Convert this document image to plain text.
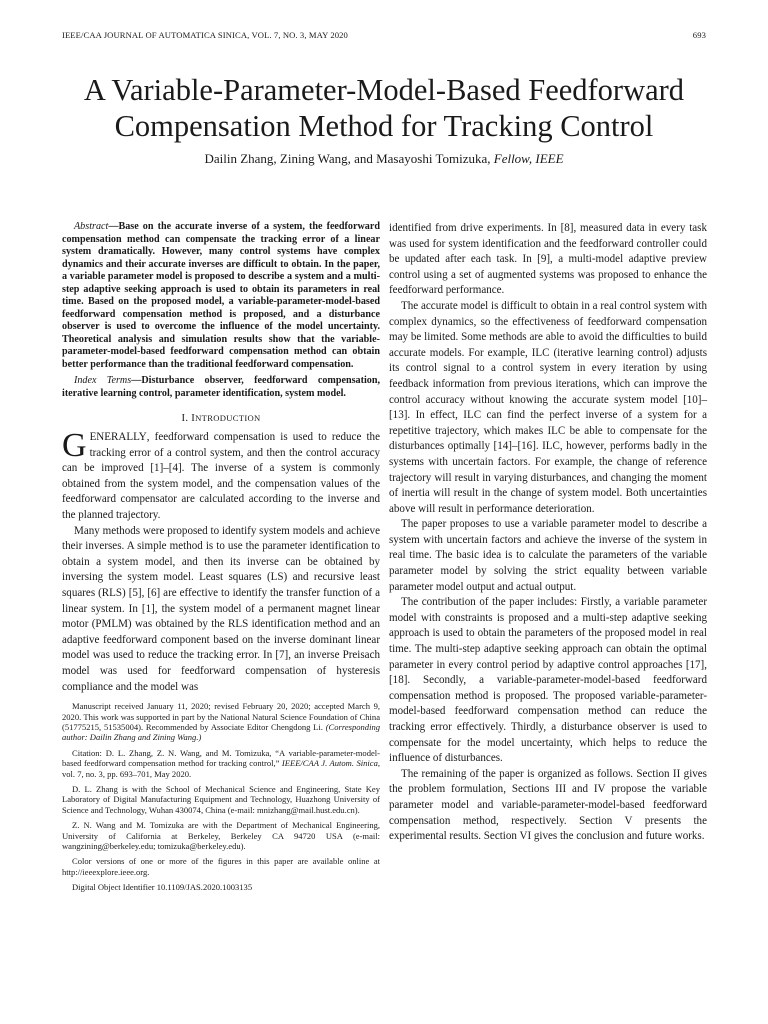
IEEE/CAA JOURNAL OF AUTOMATICA SINICA, VOL. 7, NO. 3, MAY 2020	693
A Variable-Parameter-Model-Based Feedforward
Compensation Method for Tracking Control

Dailin Zhang, Zining Wang, and Masayoshi Tomizuka, Fellow, IEEE

Abstract—Base on the accurate inverse of a system, the feedforward compensation method can compensate the tracking error of a linear system dramatically. However, many control systems have complex dynamics and their accurate inverses are difficult to obtain. In the paper, a variable parameter model is proposed to describe a system and a multi-step adaptive seeking approach is used to obtain its parameters in real time. Based on the proposed model, a variable-parameter-model-based feedforward compensation method is proposed, and a disturbance observer is used to overcome the influence of the model uncertainty. Theoretical analysis and simulation results show that the variable-parameter-model-based feedforward compensation method can obtain better performance than the traditional feedforward compensation.

Index Terms—Disturbance observer, feedforward compensation, iterative learning control, parameter identification, system model.

I. INTRODUCTION

GENERALLY, feedforward compensation is used to reduce the tracking error of a control system, and then the control accuracy can be improved [1]–[4]. The inverse of a system is commonly obtained from the system model, and the compensation values of the feedforward compensator are calculated according to the inverse and the planned trajectory.

Many methods were proposed to identify system models and achieve their inverses. A simple method is to use the parameter identification to obtain a system model, and then its inverse can be obtained by inversing the system model. Least squares (LS) and recursive least squares (RLS) [5], [6] are effective to identify the transfer function of a linear system. In [1], the system model of a permanent magnet linear motor (PMLM) was obtained by the RLS identification method and an adaptive feedforward component based on the inverse dominant linear model was used to reduce the tracking error. In [7], an inverse Preisach model was used for feedforward compensation of hysteresis compliance and the model was

Manuscript received January 11, 2020; revised February 20, 2020; accepted March 9, 2020. This work was supported in part by the National Natural Science Foundation of China (51775215, 51535004). Recommended by Associate Editor Chengdong Li. (Corresponding author: Dailin Zhang and Zining Wang.)

Citation: D. L. Zhang, Z. N. Wang, and M. Tomizuka, “A variable-parameter-model-based feedforward compensation method for tracking control,” IEEE/CAA J. Autom. Sinica, vol. 7, no. 3, pp. 693–701, May 2020.

D. L. Zhang is with the School of Mechanical Science and Engineering, State Key Laboratory of Digital Manufacturing Equipment and Technology, Huazhong University of Science and Technology, Wuhan 430074, China (e-mail: mnizhang@mail.hust.edu.cn).

Z. N. Wang and M. Tomizuka are with the Department of Mechanical Engineering, University of California at Berkeley, Berkeley CA 94720 USA (e-mail: wangzining@berkeley.edu; tomizuka@berkeley.edu).

Color versions of one or more of the figures in this paper are available online at http://ieeexplore.ieee.org.

Digital Object Identifier 10.1109/JAS.2020.1003135

identified from drive experiments. In [8], measured data in every task was used for system identification and the feedforward controller could be updated after each task. In [9], a multi-model adaptive preview control using a set of augmented systems was proposed to enhance the feedforward performance.

The accurate model is difficult to obtain in a real control system with complex dynamics, so the effectiveness of feedforward compensation may be limited. Some methods are able to avoid the difficulties to build accurate models. For example, ILC (iterative learning control) adjusts its control signal to a control system in every iteration by using feedback information from previous iterations, which can improve the control accuracy without knowing the accurate system model [10]–[13]. In effect, ILC can find the perfect inverse of a system for a repetitive trajectory, which makes ILC be able to compensate for the disturbances optimally [14]–[16]. ILC, however, performs badly in the systems with uncertain factors. For example, the change of reference trajectory will result in varying disturbances, and changing the moment of inertia will result in the change of system model. Both uncertainties above will result in performance deterioration.

The paper proposes to use a variable parameter model to describe a system with uncertain factors and achieve the inverse of the system in real time. The basic idea is to calculate the parameters of the variable parameter model by solving the strict equality between variable parameter model output and actual output.

The contribution of the paper includes: Firstly, a variable parameter model with constraints is proposed and a multi-step adaptive seeking approach is used to obtain the parameters of the proposed model in real time. The multi-step adaptive seeking approach can obtain the optimal parameter in every control period by adaptive control approaches [17], [18]. Secondly, a variable-parameter-model-based feedforward compensation method is proposed. The proposed variable-parameter-model-based feedforward compensation method can reduce the tracking error effectively. Thirdly, a disturbance observer is used to compensate for the model uncertainty, which helps to reduce the influence of disturbances.

The remaining of the paper is organized as follows. Section II gives the problem formulation, Sections III and IV propose the variable parameter model and variable-parameter-model-based feedforward compensation method, respectively. Section V presents the experimental results. Section VI gives the conclusion and future works.
